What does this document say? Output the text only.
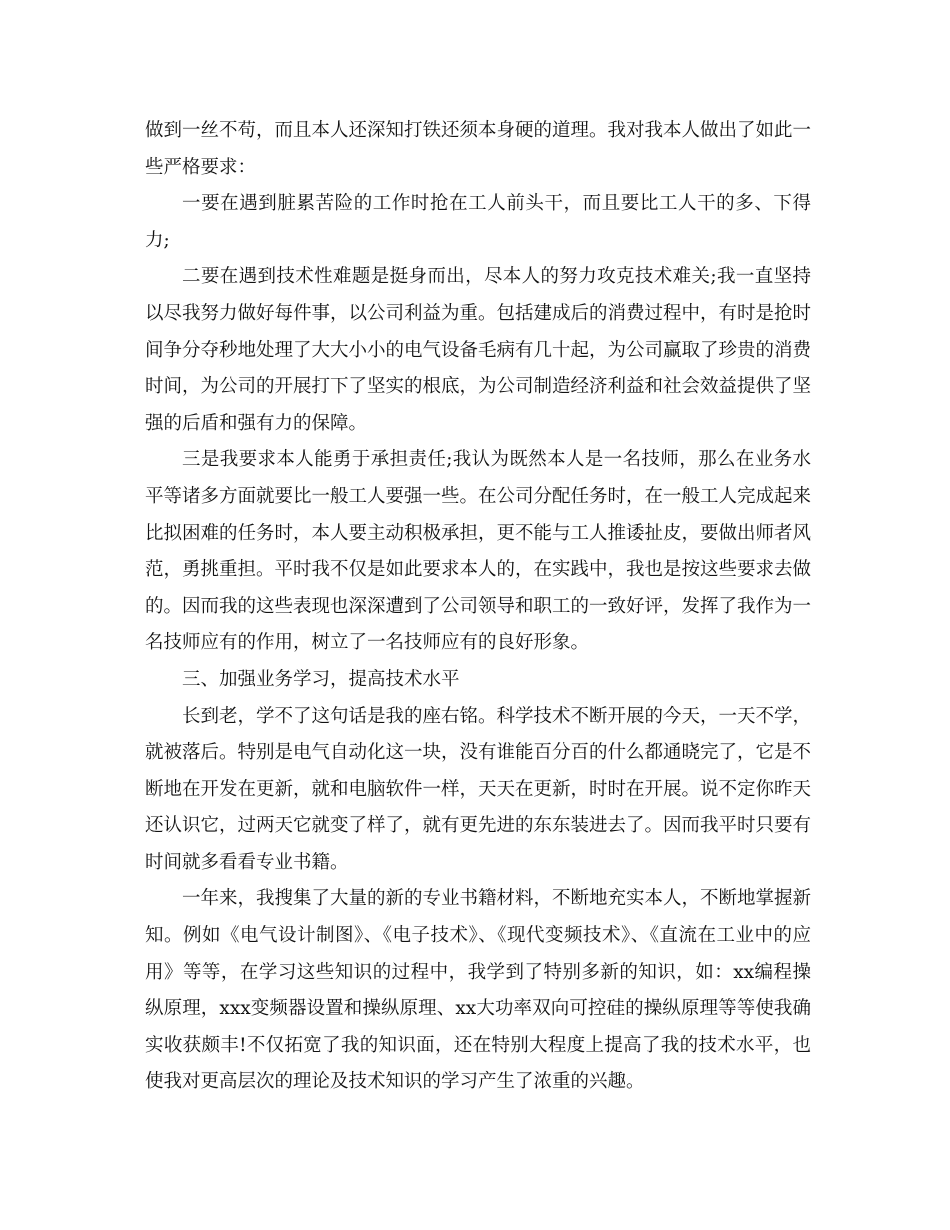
做到一丝不苟，而且本人还深知打铁还须本身硬的道理。我对我本人做出了如此一些严格要求：

一要在遇到脏累苦险的工作时抢在工人前头干，而且要比工人干的多、下得力;

二要在遇到技术性难题是挺身而出，尽本人的努力攻克技术难关;我一直坚持以尽我努力做好每件事，以公司利益为重。包括建成后的消费过程中，有时是抢时间争分夺秒地处理了大大小小的电气设备毛病有几十起，为公司赢取了珍贵的消费时间，为公司的开展打下了坚实的根底，为公司制造经济利益和社会效益提供了坚强的后盾和强有力的保障。

三是我要求本人能勇于承担责任;我认为既然本人是一名技师，那么在业务水平等诸多方面就要比一般工人要强一些。在公司分配任务时，在一般工人完成起来比拟困难的任务时，本人要主动积极承担，更不能与工人推诿扯皮，要做出师者风范，勇挑重担。平时我不仅是如此要求本人的，在实践中，我也是按这些要求去做的。因而我的这些表现也深深遭到了公司领导和职工的一致好评，发挥了我作为一名技师应有的作用，树立了一名技师应有的良好形象。

三、加强业务学习，提高技术水平

长到老，学不了这句话是我的座右铭。科学技术不断开展的今天，一天不学，就被落后。特别是电气自动化这一块，没有谁能百分百的什么都通晓完了，它是不断地在开发在更新，就和电脑软件一样，天天在更新，时时在开展。说不定你昨天还认识它，过两天它就变了样了，就有更先进的东东装进去了。因而我平时只要有时间就多看看专业书籍。

一年来，我搜集了大量的新的专业书籍材料，不断地充实本人，不断地掌握新知。例如《电气设计制图》、《电子技术》、《现代变频技术》、《直流在工业中的应用》等等，在学习这些知识的过程中，我学到了特别多新的知识，如：xx编程操纵原理，xxx变频器设置和操纵原理、xx大功率双向可控硅的操纵原理等等使我确实收获颇丰!不仅拓宽了我的知识面，还在特别大程度上提高了我的技术水平，也使我对更高层次的理论及技术知识的学习产生了浓重的兴趣。
